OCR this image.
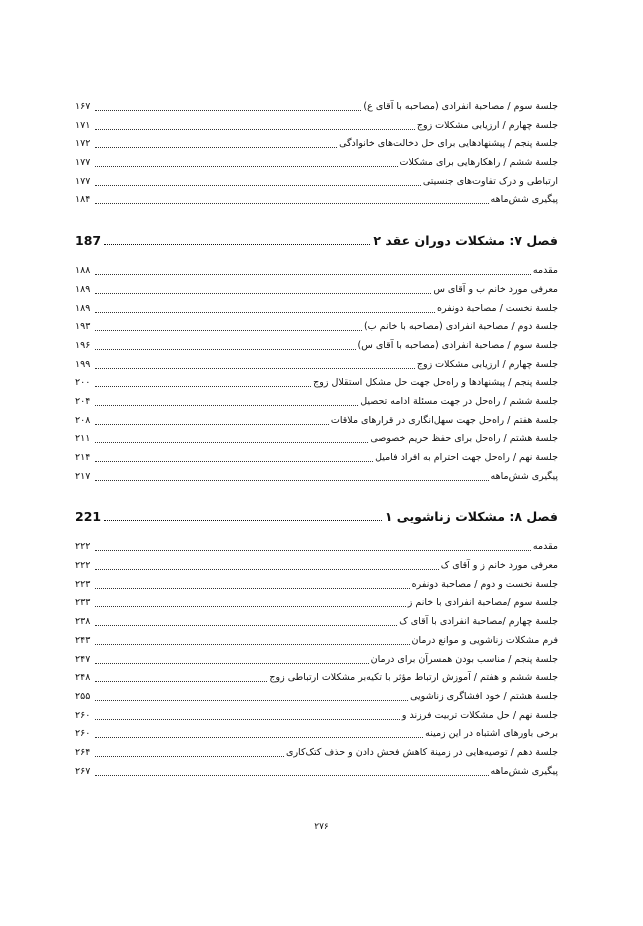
جلسة سوم / مصاحبة انفرادی (مصاحبه با آقای ع)
۱۶۷
جلسة چهارم / ارزیابی مشکلات زوج
۱۷۱
جلسة پنجم / پیشنهادهایی برای حل دخالت‌های خانوادگی
۱۷۲
جلسة ششم / راهکارهایی برای مشکلات
۱۷۷
ارتباطی و درک تفاوت‌های جنسیتی
۱۷۷
پیگیری شش‌ماهه
۱۸۴
فصل ۷: مشکلات دوران عقد ۲
187
مقدمه
۱۸۸
معرفی مورد خانم ب و آقای س
۱۸۹
جلسة نخست / مصاحبة دونفره
۱۸۹
جلسة دوم / مصاحبة انفرادی (مصاحبه با خانم ب)
۱۹۳
جلسة سوم / مصاحبة انفرادی (مصاحبه با آقای س)
۱۹۶
جلسة چهارم / ارزیابی مشکلات زوج
۱۹۹
جلسة پنجم / پیشنهادها و راه‌حل جهت حل مشکل استقلال زوج
۲۰۰
جلسة ششم / راه‌حل در جهت مسئلة ادامه تحصیل
۲۰۴
جلسة هفتم / راه‌حل جهت سهل‌انگاری در قرارهای ملاقات
۲۰۸
جلسة هشتم / راه‌حل برای حفظ حریم خصوصی
۲۱۱
جلسة نهم / راه‌حل جهت احترام به افراد فامیل
۲۱۴
پیگیری شش‌ماهه
۲۱۷
فصل ۸: مشکلات زناشویی ۱
221
مقدمه
۲۲۲
معرفی مورد خانم ز و آقای ک
۲۲۲
جلسة نخست و دوم / مصاحبة دونفره
۲۲۳
جلسة سوم /مصاحبة انفرادی با خانم ز
۲۳۳
جلسة چهارم /مصاحبة انفرادی با آقای ک
۲۳۸
فرم مشکلات زناشویی و موانع درمان
۲۴۳
جلسة پنجم / مناسب بودن همسرآن برای درمان
۲۴۷
جلسة ششم و هفتم / آموزش ارتباط مؤثر با تکیه‌بر مشکلات ارتباطی زوج
۲۴۸
جلسة هشتم / خود افشاگری زناشویی
۲۵۵
جلسة نهم / حل مشکلات تربیت فرزند و
۲۶۰
برخی باورهای اشتباه در این زمینه
۲۶۰
جلسة دهم / توصیه‌هایی در زمینة کاهش فحش دادن و حذف کتک‌کاری
۲۶۴
پیگیری شش‌ماهه
۲۶۷
۲۷۶
